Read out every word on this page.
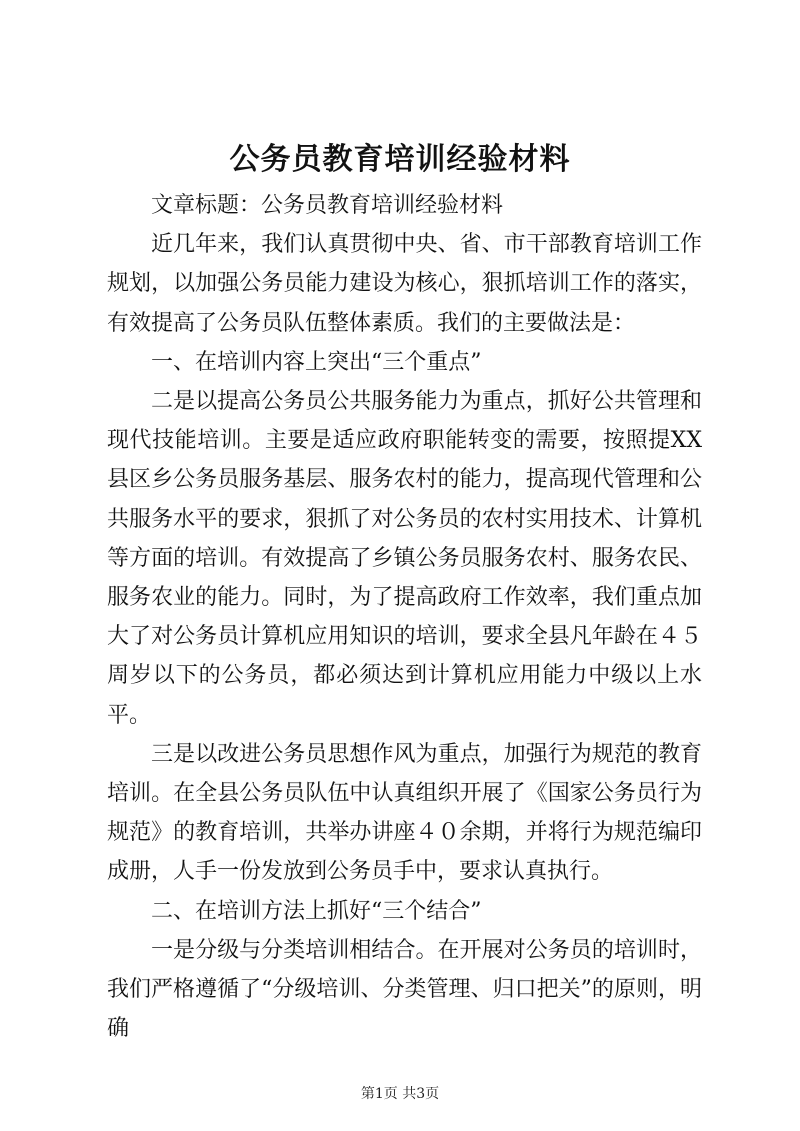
公务员教育培训经验材料

文章标题：公务员教育培训经验材料

近几年来，我们认真贯彻中央、省、市干部教育培训工作规划，以加强公务员能力建设为核心，狠抓培训工作的落实，有效提高了公务员队伍整体素质。我们的主要做法是：

一、在培训内容上突出“三个重点”

二是以提高公务员公共服务能力为重点，抓好公共管理和现代技能培训。主要是适应政府职能转变的需要，按照提XX县区乡公务员服务基层、服务农村的能力，提高现代管理和公共服务水平的要求，狠抓了对公务员的农村实用技术、计算机等方面的培训。有效提高了乡镇公务员服务农村、服务农民、服务农业的能力。同时，为了提高政府工作效率，我们重点加大了对公务员计算机应用知识的培训，要求全县凡年龄在４５周岁以下的公务员，都必须达到计算机应用能力中级以上水平。

三是以改进公务员思想作风为重点，加强行为规范的教育培训。在全县公务员队伍中认真组织开展了《国家公务员行为规范》的教育培训，共举办讲座４０余期，并将行为规范编印成册，人手一份发放到公务员手中，要求认真执行。

二、在培训方法上抓好“三个结合”

一是分级与分类培训相结合。在开展对公务员的培训时，我们严格遵循了“分级培训、分类管理、归口把关”的原则，明确

第1页 共3页
